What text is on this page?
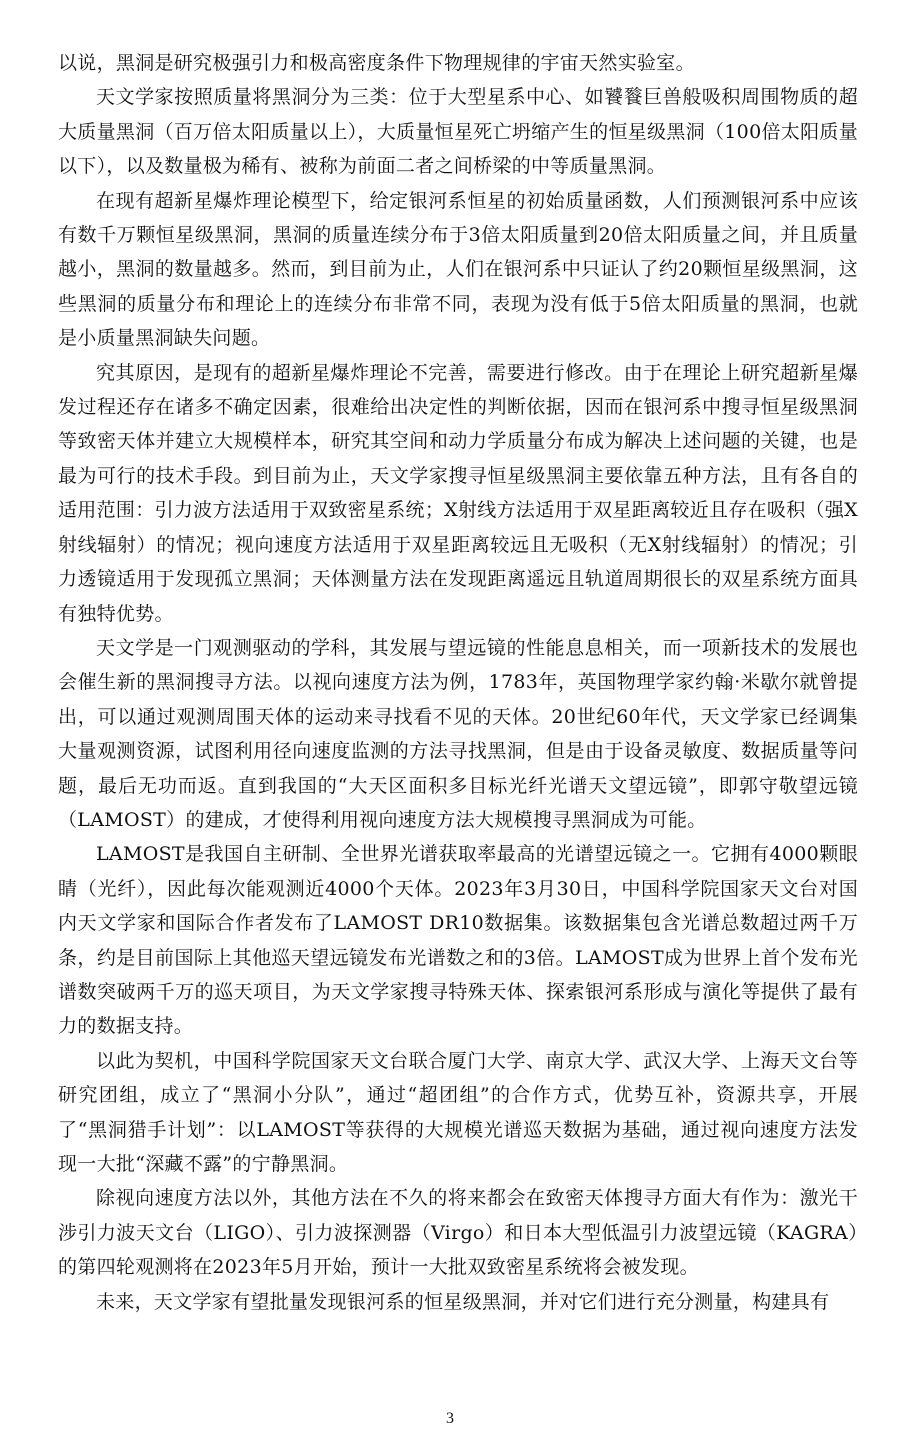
以说，黑洞是研究极强引力和极高密度条件下物理规律的宇宙天然实验室。

天文学家按照质量将黑洞分为三类：位于大型星系中心、如饕餮巨兽般吸积周围物质的超大质量黑洞（百万倍太阳质量以上），大质量恒星死亡坍缩产生的恒星级黑洞（100倍太阳质量以下），以及数量极为稀有、被称为前面二者之间桥梁的中等质量黑洞。

在现有超新星爆炸理论模型下，给定银河系恒星的初始质量函数，人们预测银河系中应该有数千万颗恒星级黑洞，黑洞的质量连续分布于3倍太阳质量到20倍太阳质量之间，并且质量越小，黑洞的数量越多。然而，到目前为止，人们在银河系中只证认了约20颗恒星级黑洞，这些黑洞的质量分布和理论上的连续分布非常不同，表现为没有低于5倍太阳质量的黑洞，也就是小质量黑洞缺失问题。

究其原因，是现有的超新星爆炸理论不完善，需要进行修改。由于在理论上研究超新星爆发过程还存在诸多不确定因素，很难给出决定性的判断依据，因而在银河系中搜寻恒星级黑洞等致密天体并建立大规模样本，研究其空间和动力学质量分布成为解决上述问题的关键，也是最为可行的技术手段。到目前为止，天文学家搜寻恒星级黑洞主要依靠五种方法，且有各自的适用范围：引力波方法适用于双致密星系统；X射线方法适用于双星距离较近且存在吸积（强X射线辐射）的情况；视向速度方法适用于双星距离较远且无吸积（无X射线辐射）的情况；引力透镜适用于发现孤立黑洞；天体测量方法在发现距离遥远且轨道周期很长的双星系统方面具有独特优势。

天文学是一门观测驱动的学科，其发展与望远镜的性能息息相关，而一项新技术的发展也会催生新的黑洞搜寻方法。以视向速度方法为例，1783年，英国物理学家约翰·米歇尔就曾提出，可以通过观测周围天体的运动来寻找看不见的天体。20世纪60年代，天文学家已经调集大量观测资源，试图利用径向速度监测的方法寻找黑洞，但是由于设备灵敏度、数据质量等问题，最后无功而返。直到我国的“大天区面积多目标光纤光谱天文望远镜”，即郭守敬望远镜（LAMOST）的建成，才使得利用视向速度方法大规模搜寻黑洞成为可能。

LAMOST是我国自主研制、全世界光谱获取率最高的光谱望远镜之一。它拥有4000颗眼睛（光纤），因此每次能观测近4000个天体。2023年3月30日，中国科学院国家天文台对国内天文学家和国际合作者发布了LAMOST DR10数据集。该数据集包含光谱总数超过两千万条，约是目前国际上其他巡天望远镜发布光谱数之和的3倍。LAMOST成为世界上首个发布光谱数突破两千万的巡天项目，为天文学家搜寻特殊天体、探索银河系形成与演化等提供了最有力的数据支持。

以此为契机，中国科学院国家天文台联合厦门大学、南京大学、武汉大学、上海天文台等研究团组，成立了“黑洞小分队”，通过“超团组”的合作方式，优势互补，资源共享，开展了“黑洞猎手计划”：以LAMOST等获得的大规模光谱巡天数据为基础，通过视向速度方法发现一大批“深藏不露”的宁静黑洞。

除视向速度方法以外，其他方法在不久的将来都会在致密天体搜寻方面大有作为：激光干涉引力波天文台（LIGO）、引力波探测器（Virgo）和日本大型低温引力波望远镜（KAGRA）的第四轮观测将在2023年5月开始，预计一大批双致密星系统将会被发现。

未来，天文学家有望批量发现银河系的恒星级黑洞，并对它们进行充分测量，构建具有

3
